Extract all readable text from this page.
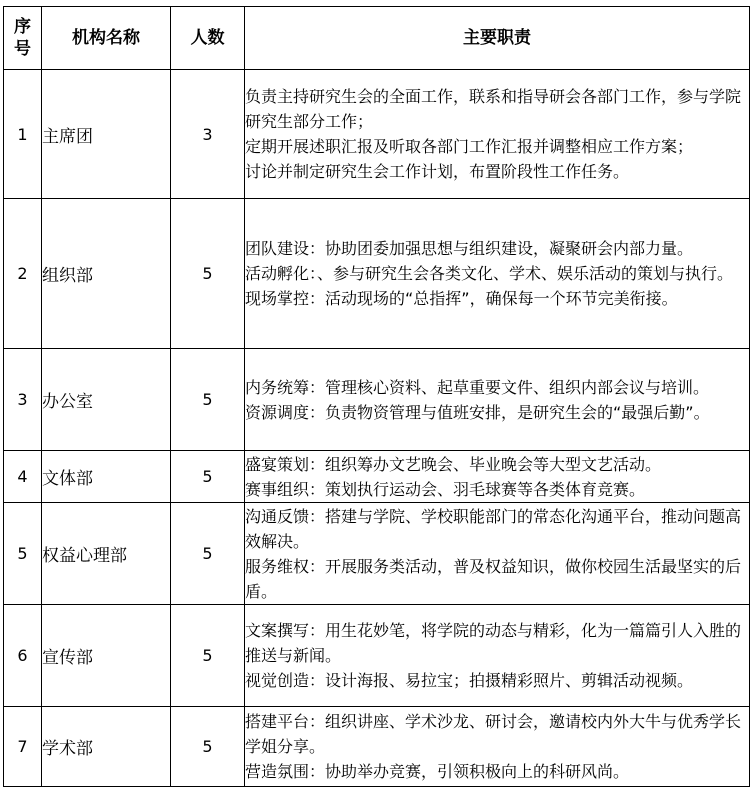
序
号	机构名称	人数	主要职责
1	主席团	3	负责主持研究生会的全面工作，联系和指导研会各部门工作，参与学院研究生部分工作；
定期开展述职汇报及听取各部门工作汇报并调整相应工作方案；
讨论并制定研究生会工作计划，布置阶段性工作任务。

2	组织部	5	团队建设：协助团委加强思想与组织建设，凝聚研会内部力量。
活动孵化：、参与研究生会各类文化、学术、娱乐活动的策划与执行。
现场掌控：活动现场的“总指挥”，确保每一个环节完美衔接。

3	办公室	5	内务统筹：管理核心资料、起草重要文件、组织内部会议与培训。
资源调度：负责物资管理与值班安排，是研究生会的“最强后勤”。

4	文体部	5	盛宴策划：组织筹办文艺晚会、毕业晚会等大型文艺活动。
赛事组织：策划执行运动会、羽毛球赛等各类体育竞赛。

5	权益心理部	5	沟通反馈：搭建与学院、学校职能部门的常态化沟通平台，推动问题高效解决。
服务维权：开展服务类活动，普及权益知识，做你校园生活最坚实的后盾。

6	宣传部	5	文案撰写：用生花妙笔，将学院的动态与精彩，化为一篇篇引人入胜的推送与新闻。
视觉创造：设计海报、易拉宝；拍摄精彩照片、剪辑活动视频。

7	学术部	5	搭建平台：组织讲座、学术沙龙、研讨会，邀请校内外大牛与优秀学长学姐分享。
营造氛围：协助举办竞赛，引领积极向上的科研风尚。
